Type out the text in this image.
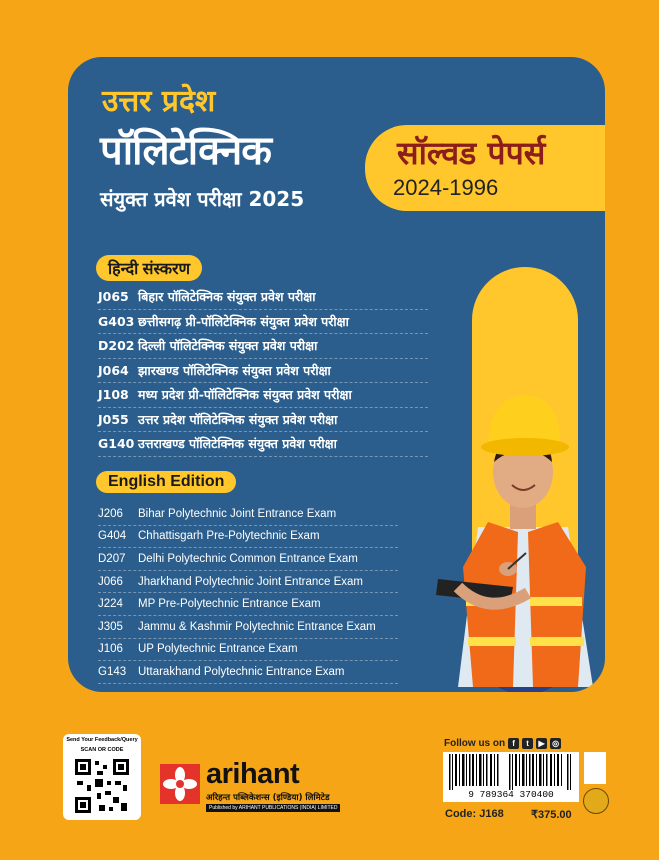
उत्तर प्रदेश
पॉलिटेक्निक
संयुक्त प्रवेश परीक्षा 2025
सॉल्वड पेपर्स
2024-1996
हिन्दी संस्करण
J065 बिहार पॉलिटेक्निक संयुक्त प्रवेश परीक्षा
G403 छत्तीसगढ़ प्री-पॉलिटेक्निक संयुक्त प्रवेश परीक्षा
D202 दिल्ली पॉलिटेक्निक संयुक्त प्रवेश परीक्षा
J064 झारखण्ड पॉलिटेक्निक संयुक्त प्रवेश परीक्षा
J108 मध्य प्रदेश प्री-पॉलिटेक्निक संयुक्त प्रवेश परीक्षा
J055 उत्तर प्रदेश पॉलिटेक्निक संयुक्त प्रवेश परीक्षा
G140 उत्तराखण्ड पॉलिटेक्निक संयुक्त प्रवेश परीक्षा
English Edition
J206	Bihar Polytechnic Joint Entrance Exam
G404	Chhattisgarh Pre-Polytechnic Exam
D207	Delhi Polytechnic Common Entrance Exam
J066	Jharkhand Polytechnic Joint Entrance Exam
J224	MP Pre-Polytechnic Entrance Exam
J305	Jammu & Kashmir Polytechnic Entrance Exam
J106	UP Polytechnic Entrance Exam
G143	Uttarakhand Polytechnic Entrance Exam
Send Your Feedback/Query
SCAN OR CODE
arihant
अरिहन्त पब्लिकेशन्स (इण्डिया) लिमिटेड
Published by ARIHANT PUBLICATIONS (INDIA) LIMITED
Follow us on f	t	▶ ◎
9 789364 370400
Code: J168 ₹375.00
